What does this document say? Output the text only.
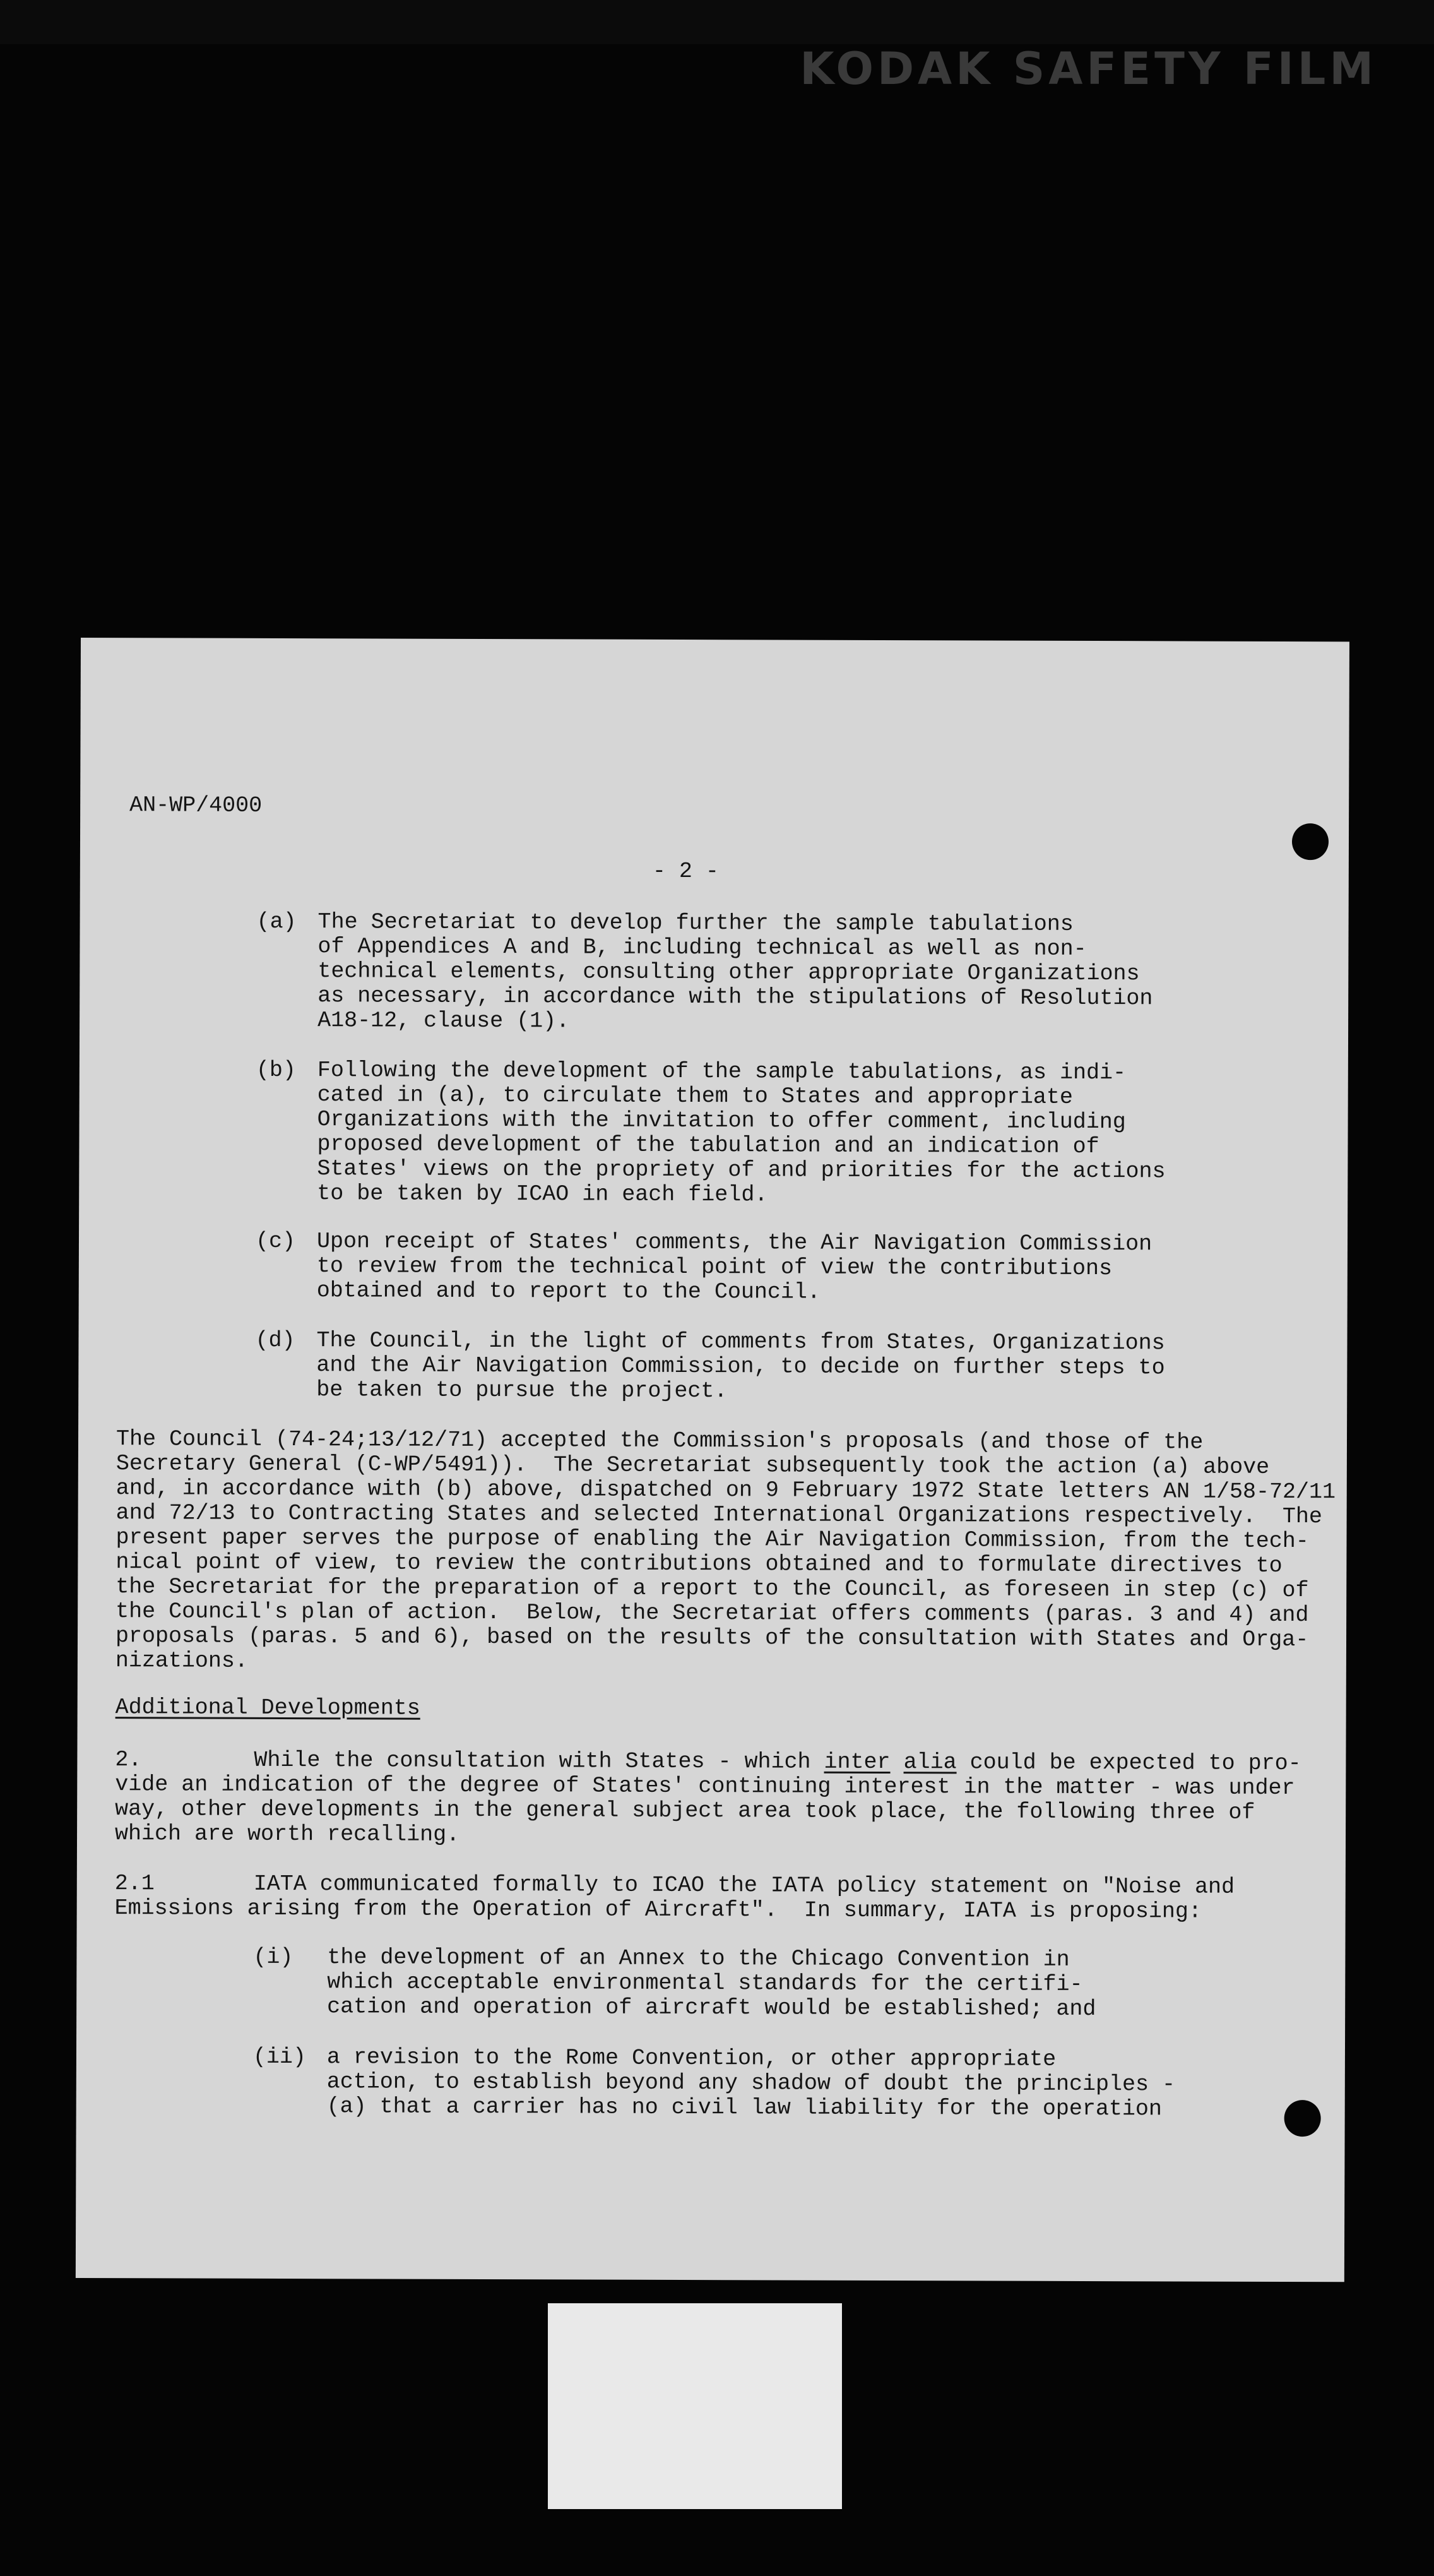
KODAK SAFETY FILM
AN-WP/4000
- 2 -
(a) The Secretariat to develop further the sample tabulations
of Appendices A and B, including technical as well as non-
technical elements, consulting other appropriate Organizations
as necessary, in accordance with the stipulations of Resolution
A18-12, clause (1).
(b) Following the development of the sample tabulations, as indi-
cated in (a), to circulate them to States and appropriate
Organizations with the invitation to offer comment, including
proposed development of the tabulation and an indication of
States' views on the propriety of and priorities for the actions
to be taken by ICAO in each field.
(c) Upon receipt of States' comments, the Air Navigation Commission
to review from the technical point of view the contributions
obtained and to report to the Council.
(d) The Council, in the light of comments from States, Organizations
and the Air Navigation Commission, to decide on further steps to
be taken to pursue the project.
The Council (74-24;13/12/71) accepted the Commission's proposals (and those of the
Secretary General (C-WP/5491)).  The Secretariat subsequently took the action (a) above
and, in accordance with (b) above, dispatched on 9 February 1972 State letters AN 1/58-72/11
and 72/13 to Contracting States and selected International Organizations respectively.  The
present paper serves the purpose of enabling the Air Navigation Commission, from the tech-
nical point of view, to review the contributions obtained and to formulate directives to
the Secretariat for the preparation of a report to the Council, as foreseen in step (c) of
the Council's plan of action.  Below, the Secretariat offers comments (paras. 3 and 4) and
proposals (paras. 5 and 6), based on the results of the consultation with States and Orga-
nizations.
Additional Developments
2.	While the consultation with States - which inter alia could be expected to pro-
vide an indication of the degree of States' continuing interest in the matter - was under
way, other developments in the general subject area took place, the following three of
which are worth recalling.
2.1	IATA communicated formally to ICAO the IATA policy statement on "Noise and
Emissions arising from the Operation of Aircraft".  In summary, IATA is proposing:
(i) the development of an Annex to the Chicago Convention in
which acceptable environmental standards for the certifi-
cation and operation of aircraft would be established; and
(ii) a revision to the Rome Convention, or other appropriate
action, to establish beyond any shadow of doubt the principles -
(a) that a carrier has no civil law liability for the operation
